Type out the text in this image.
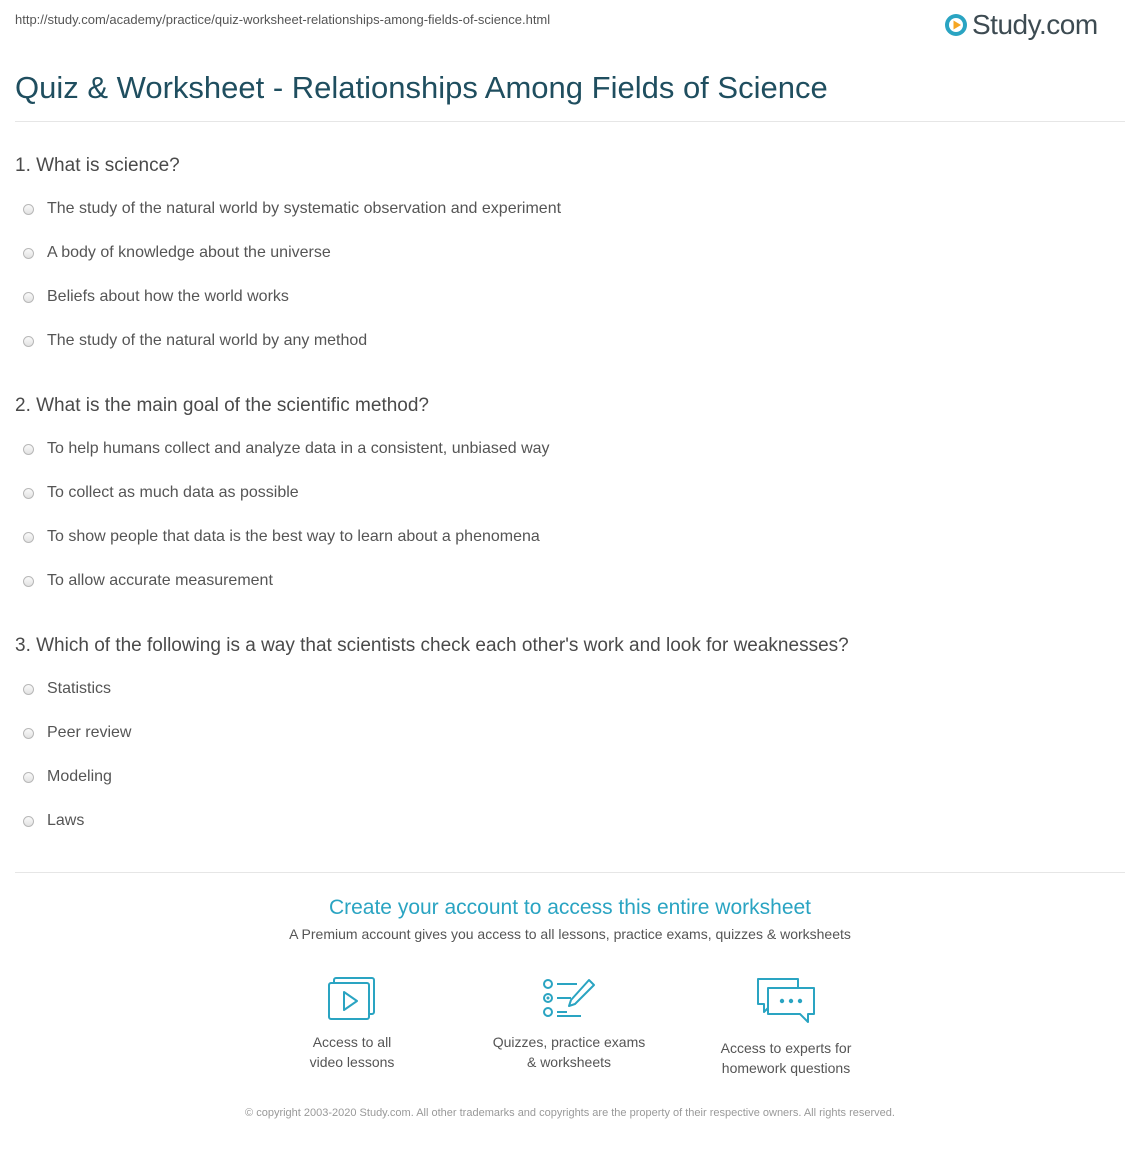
http://study.com/academy/practice/quiz-worksheet-relationships-among-fields-of-science.html	Study.com
Quiz & Worksheet - Relationships Among Fields of Science
1. What is science?
The study of the natural world by systematic observation and experiment
A body of knowledge about the universe
Beliefs about how the world works
The study of the natural world by any method
2. What is the main goal of the scientific method?
To help humans collect and analyze data in a consistent, unbiased way
To collect as much data as possible
To show people that data is the best way to learn about a phenomena
To allow accurate measurement
3. Which of the following is a way that scientists check each other's work and look for weaknesses?
Statistics
Peer review
Modeling
Laws
Create your account to access this entire worksheet
A Premium account gives you access to all lessons, practice exams, quizzes & worksheets
Access to all
video lessons
Quizzes, practice exams
& worksheets
Access to experts for
homework questions
© copyright 2003-2020 Study.com. All other trademarks and copyrights are the property of their respective owners. All rights reserved.
